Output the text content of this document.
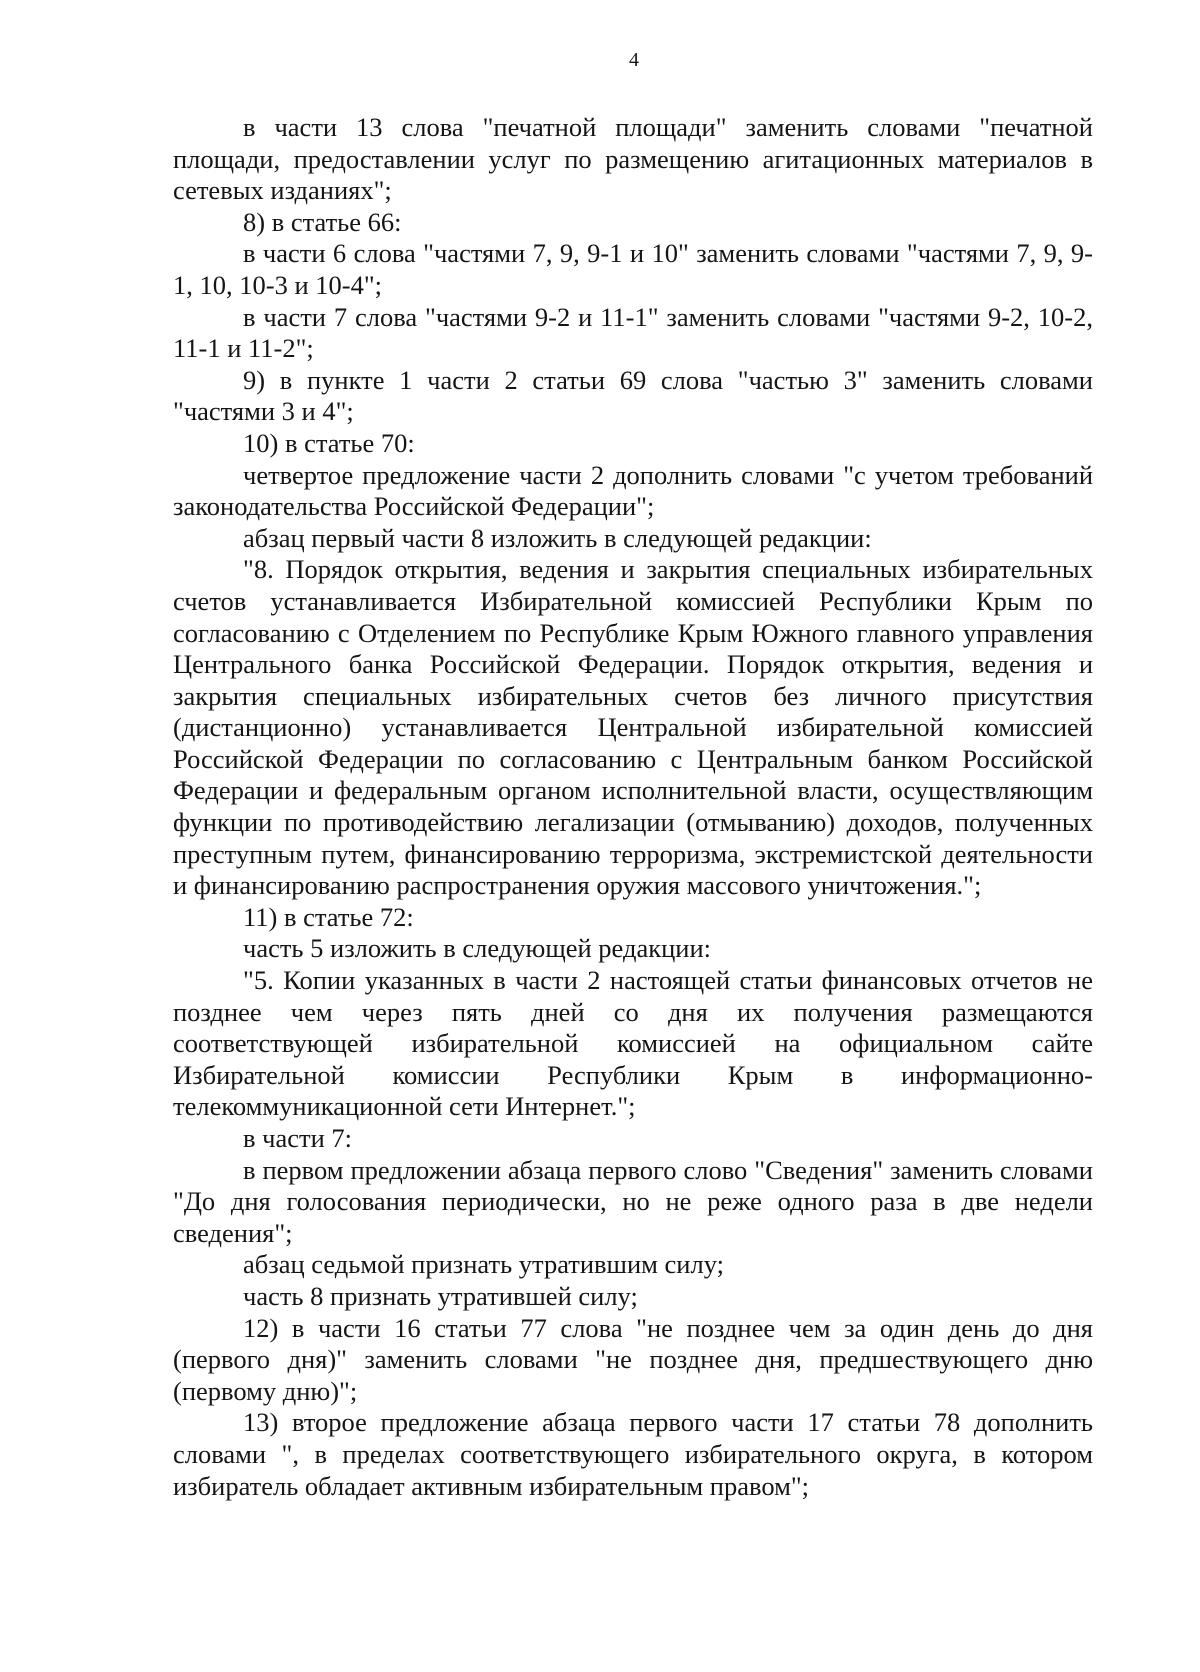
4

в части 13 слова "печатной площади" заменить словами "печатной площади, предоставлении услуг по размещению агитационных материалов в сетевых изданиях";

8) в статье 66:

в части 6 слова "частями 7, 9, 9-1 и 10" заменить словами "частями 7, 9, 9-1, 10, 10-3 и 10-4";

в части 7 слова "частями 9-2 и 11-1" заменить словами "частями 9-2, 10-2, 11-1 и 11-2";

9) в пункте 1 части 2 статьи 69 слова "частью 3" заменить словами "частями 3 и 4";

10) в статье 70:

четвертое предложение части 2 дополнить словами "с учетом требований законодательства Российской Федерации";

абзац первый части 8 изложить в следующей редакции:

"8. Порядок открытия, ведения и закрытия специальных избирательных счетов устанавливается Избирательной комиссией Республики Крым по согласованию с Отделением по Республике Крым Южного главного управления Центрального банка Российской Федерации. Порядок открытия, ведения и закрытия специальных избирательных счетов без личного присутствия (дистанционно) устанавливается Центральной избирательной комиссией Российской Федерации по согласованию с Центральным банком Российской Федерации и федеральным органом исполнительной власти, осуществляющим функции по противодействию легализации (отмыванию) доходов, полученных преступным путем, финансированию терроризма, экстремистской деятельности и финансированию распространения оружия массового уничтожения.";

11) в статье 72:

часть 5 изложить в следующей редакции:

"5. Копии указанных в части 2 настоящей статьи финансовых отчетов не позднее чем через пять дней со дня их получения размещаются соответствующей избирательной комиссией на официальном сайте Избирательной комиссии Республики Крым в информационно-телекоммуникационной сети Интернет.";

в части 7:

в первом предложении абзаца первого слово "Сведения" заменить словами "До дня голосования периодически, но не реже одного раза в две недели сведения";

абзац седьмой признать утратившим силу;

часть 8 признать утратившей силу;

12) в части 16 статьи 77 слова "не позднее чем за один день до дня (первого дня)" заменить словами "не позднее дня, предшествующего дню (первому дню)";

13) второе предложение абзаца первого части 17 статьи 78 дополнить словами ", в пределах соответствующего избирательного округа, в котором избиратель обладает активным избирательным правом";
